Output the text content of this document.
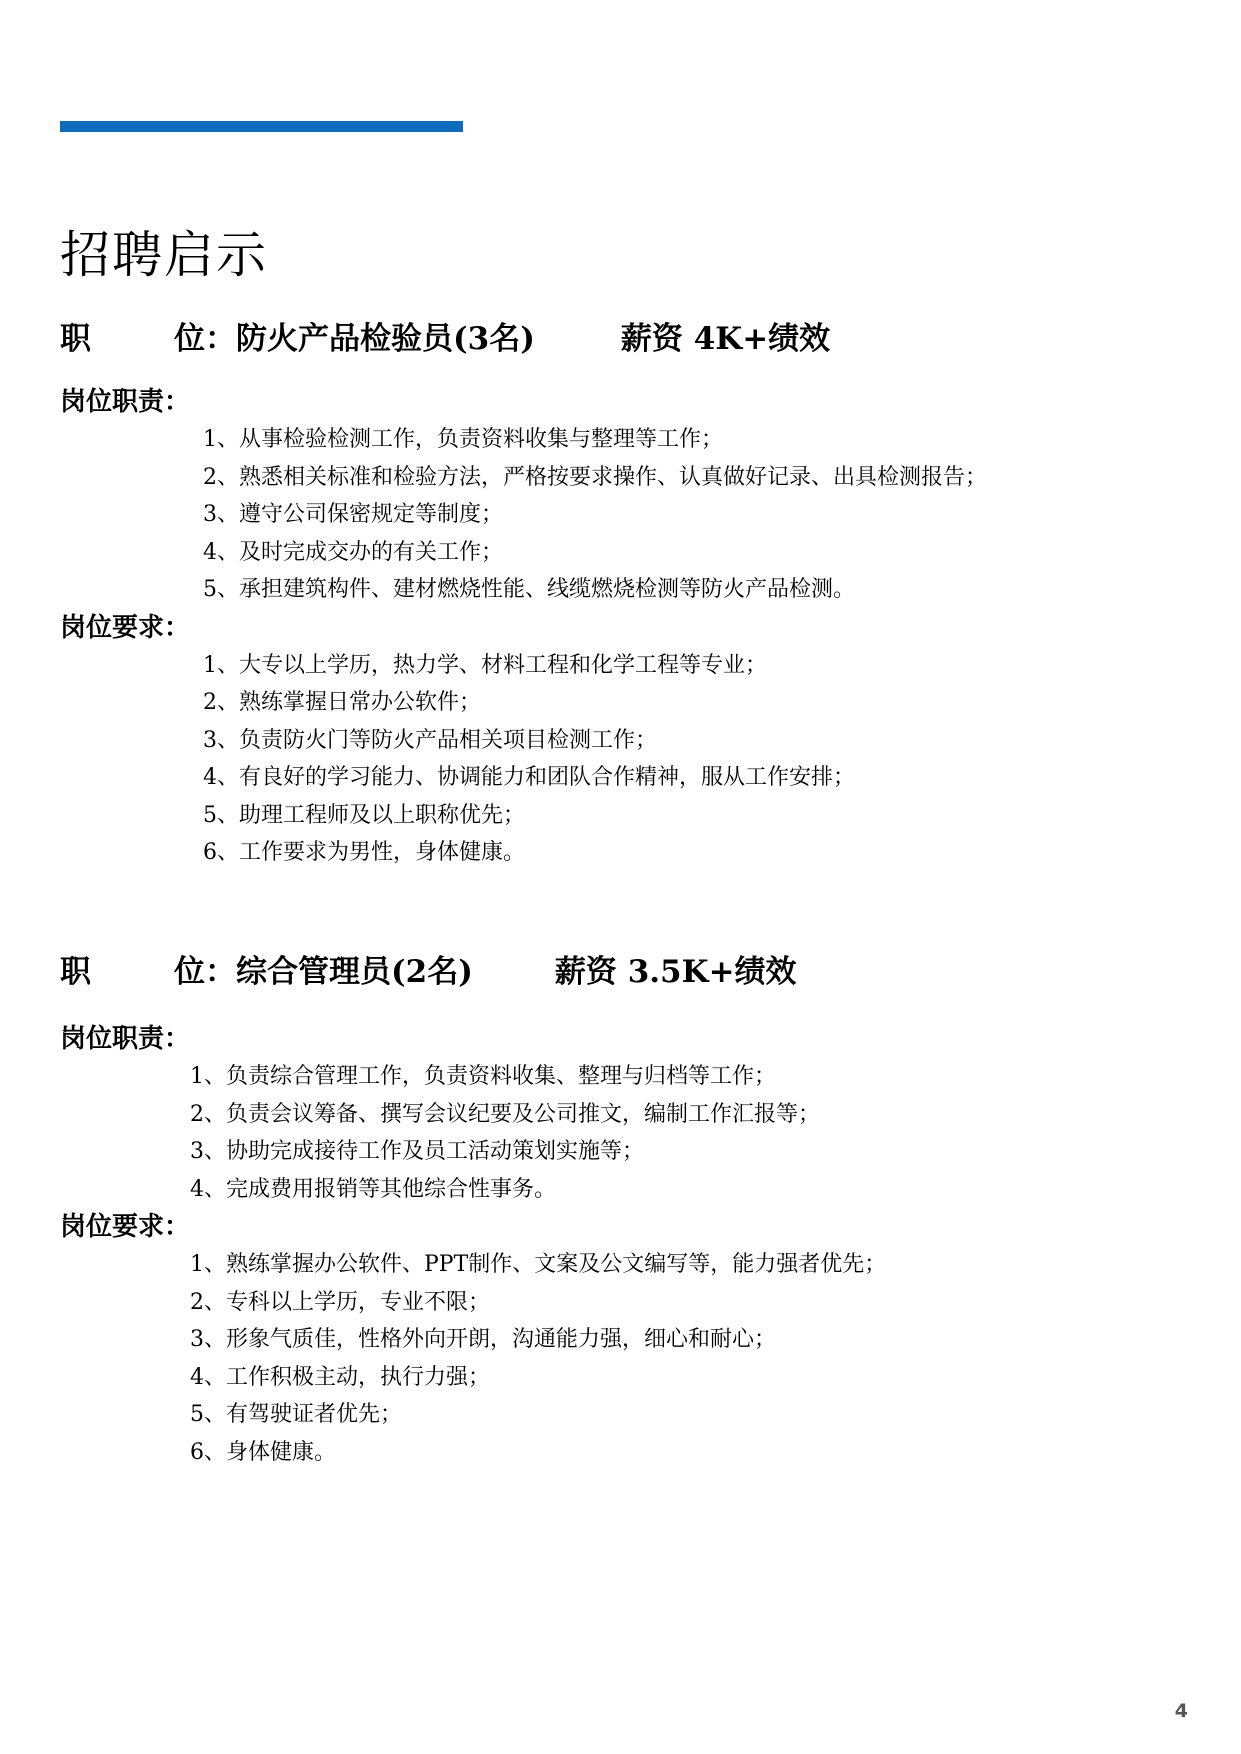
招聘启示
职	位： 防火产品检验员(3名)	薪资 4K+绩效
岗位职责：
1、从事检验检测工作，负责资料收集与整理等工作；
2、熟悉相关标准和检验方法，严格按要求操作、认真做好记录、出具检测报告；
3、遵守公司保密规定等制度；
4、及时完成交办的有关工作；
5、承担建筑构件、建材燃烧性能、线缆燃烧检测等防火产品检测。
岗位要求：
1、大专以上学历，热力学、材料工程和化学工程等专业；
2、熟练掌握日常办公软件；
3、负责防火门等防火产品相关项目检测工作；
4、有良好的学习能力、协调能力和团队合作精神，服从工作安排；
5、助理工程师及以上职称优先；
6、工作要求为男性，身体健康。
职	位： 综合管理员(2名)	薪资 3.5K+绩效
岗位职责：
1、负责综合管理工作，负责资料收集、整理与归档等工作；
2、负责会议筹备、撰写会议纪要及公司推文，编制工作汇报等；
3、协助完成接待工作及员工活动策划实施等；
4、完成费用报销等其他综合性事务。
岗位要求：
1、熟练掌握办公软件、PPT制作、文案及公文编写等，能力强者优先；
2、专科以上学历，专业不限；
3、形象气质佳，性格外向开朗，沟通能力强，细心和耐心；
4、工作积极主动，执行力强；
5、有驾驶证者优先；
6、身体健康。
4
